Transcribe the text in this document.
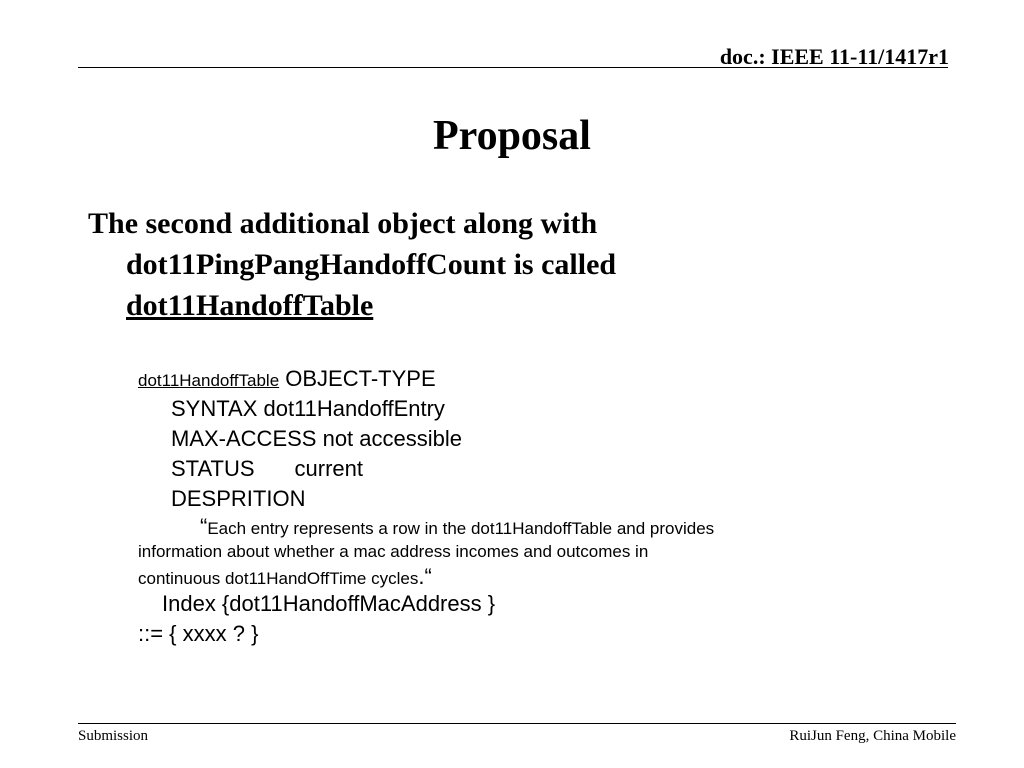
doc.: IEEE 11-11/1417r1
Proposal
The second additional object along with
dot11PingPangHandoffCount is called
dot11HandoffTable
dot11HandoffTable OBJECT-TYPE
SYNTAX dot11HandoffEntry
MAX-ACCESS not accessible
STATUS current
DESPRITION
“Each entry represents a row in the dot11HandoffTable and provides
information about whether a mac address incomes and outcomes in
continuous dot11HandOffTime cycles.“
Index {dot11HandoffMacAddress }
::= { xxxx ? }
Submission	RuiJun Feng, China Mobile
